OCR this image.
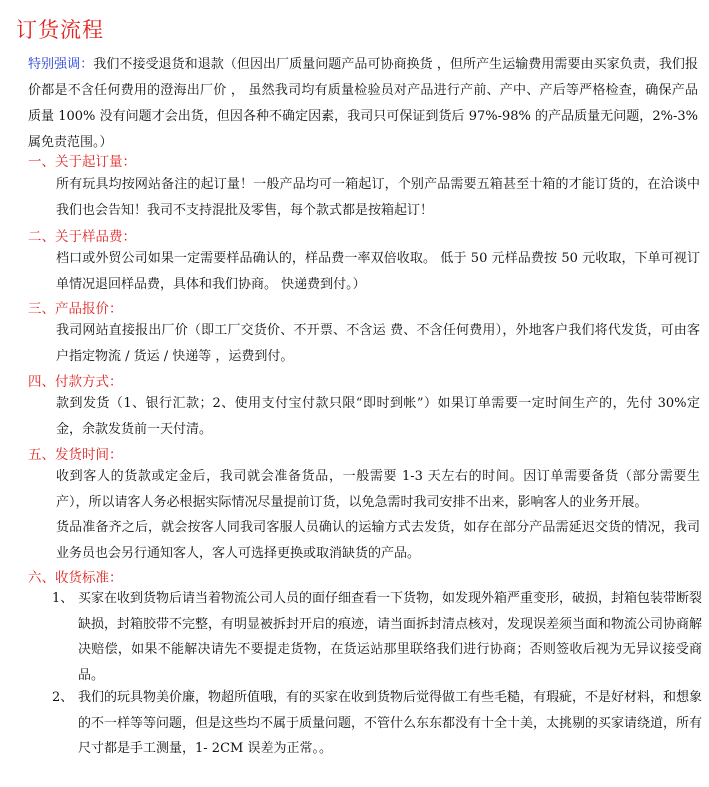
订货流程
特别强调：我们不接受退货和退款（但因出厂质量问题产品可协商换货 ，但所产生运输费用需要由买家负责，我们报价都是不含任何费用的澄海出厂价 ， 虽然我司均有质量检验员对产品进行产前、产中、产后等严格检查，确保产品质量 100% 没有问题才会出货，但因各种不确定因素，我司只可保证到货后 97%-98% 的产品质量无问题，2%-3% 属免责范围。）
一、关于起订量：

所有玩具均按网站备注的起订量！一般产品均可一箱起订，个别产品需要五箱甚至十箱的才能订货的，在洽谈中我们也会告知！我司不支持混批及零售，每个款式都是按箱起订！

二、关于样品费：

档口或外贸公司如果一定需要样品确认的，样品费一率双倍收取。 低于 50 元样品费按 50 元收取，下单可视订单情况退回样品费，具体和我们协商。 快递费到付。）

三、产品报价：

我司网站直接报出厂价（即工厂交货价、不开票、不含运 费、不含任何费用），外地客户我们将代发货，可由客户指定物流 / 货运 / 快递等 ，运费到付。

四、付款方式：

款到发货（1、银行汇款；2、使用支付宝付款只限“即时到帐”）如果订单需要一定时间生产的，先付 30%定金，余款发货前一天付清。

五、发货时间：

收到客人的货款或定金后，我司就会准备货品，一般需要 1-3 天左右的时间。因订单需要备货（部分需要生产），所以请客人务必根据实际情况尽量提前订货，以免急需时我司安排不出来，影响客人的业务开展。

货品准备齐之后，就会按客人同我司客服人员确认的运输方式去发货，如存在部分产品需延迟交货的情况，我司业务员也会另行通知客人，客人可选择更换或取消缺货的产品。

六、收货标准：
1、 买家在收到货物后请当着物流公司人员的面仔细查看一下货物，如发现外箱严重变形，破损，封箱包装带断裂缺损，封箱胶带不完整，有明显被拆封开启的痕迹，请当面拆封清点核对，发现误差须当面和物流公司协商解决赔偿，如果不能解决请先不要提走货物，在货运站那里联络我们进行协商；否则签收后视为无异议接受商品。
2、 我们的玩具物美价廉，物超所值哦，有的买家在收到货物后觉得做工有些毛糙，有瑕疵，不是好材料，和想象的不一样等等问题，但是这些均不属于质量问题，不管什么东东都没有十全十美，太挑剔的买家请绕道，所有尺寸都是手工测量，1- 2CM 误差为正常。。
